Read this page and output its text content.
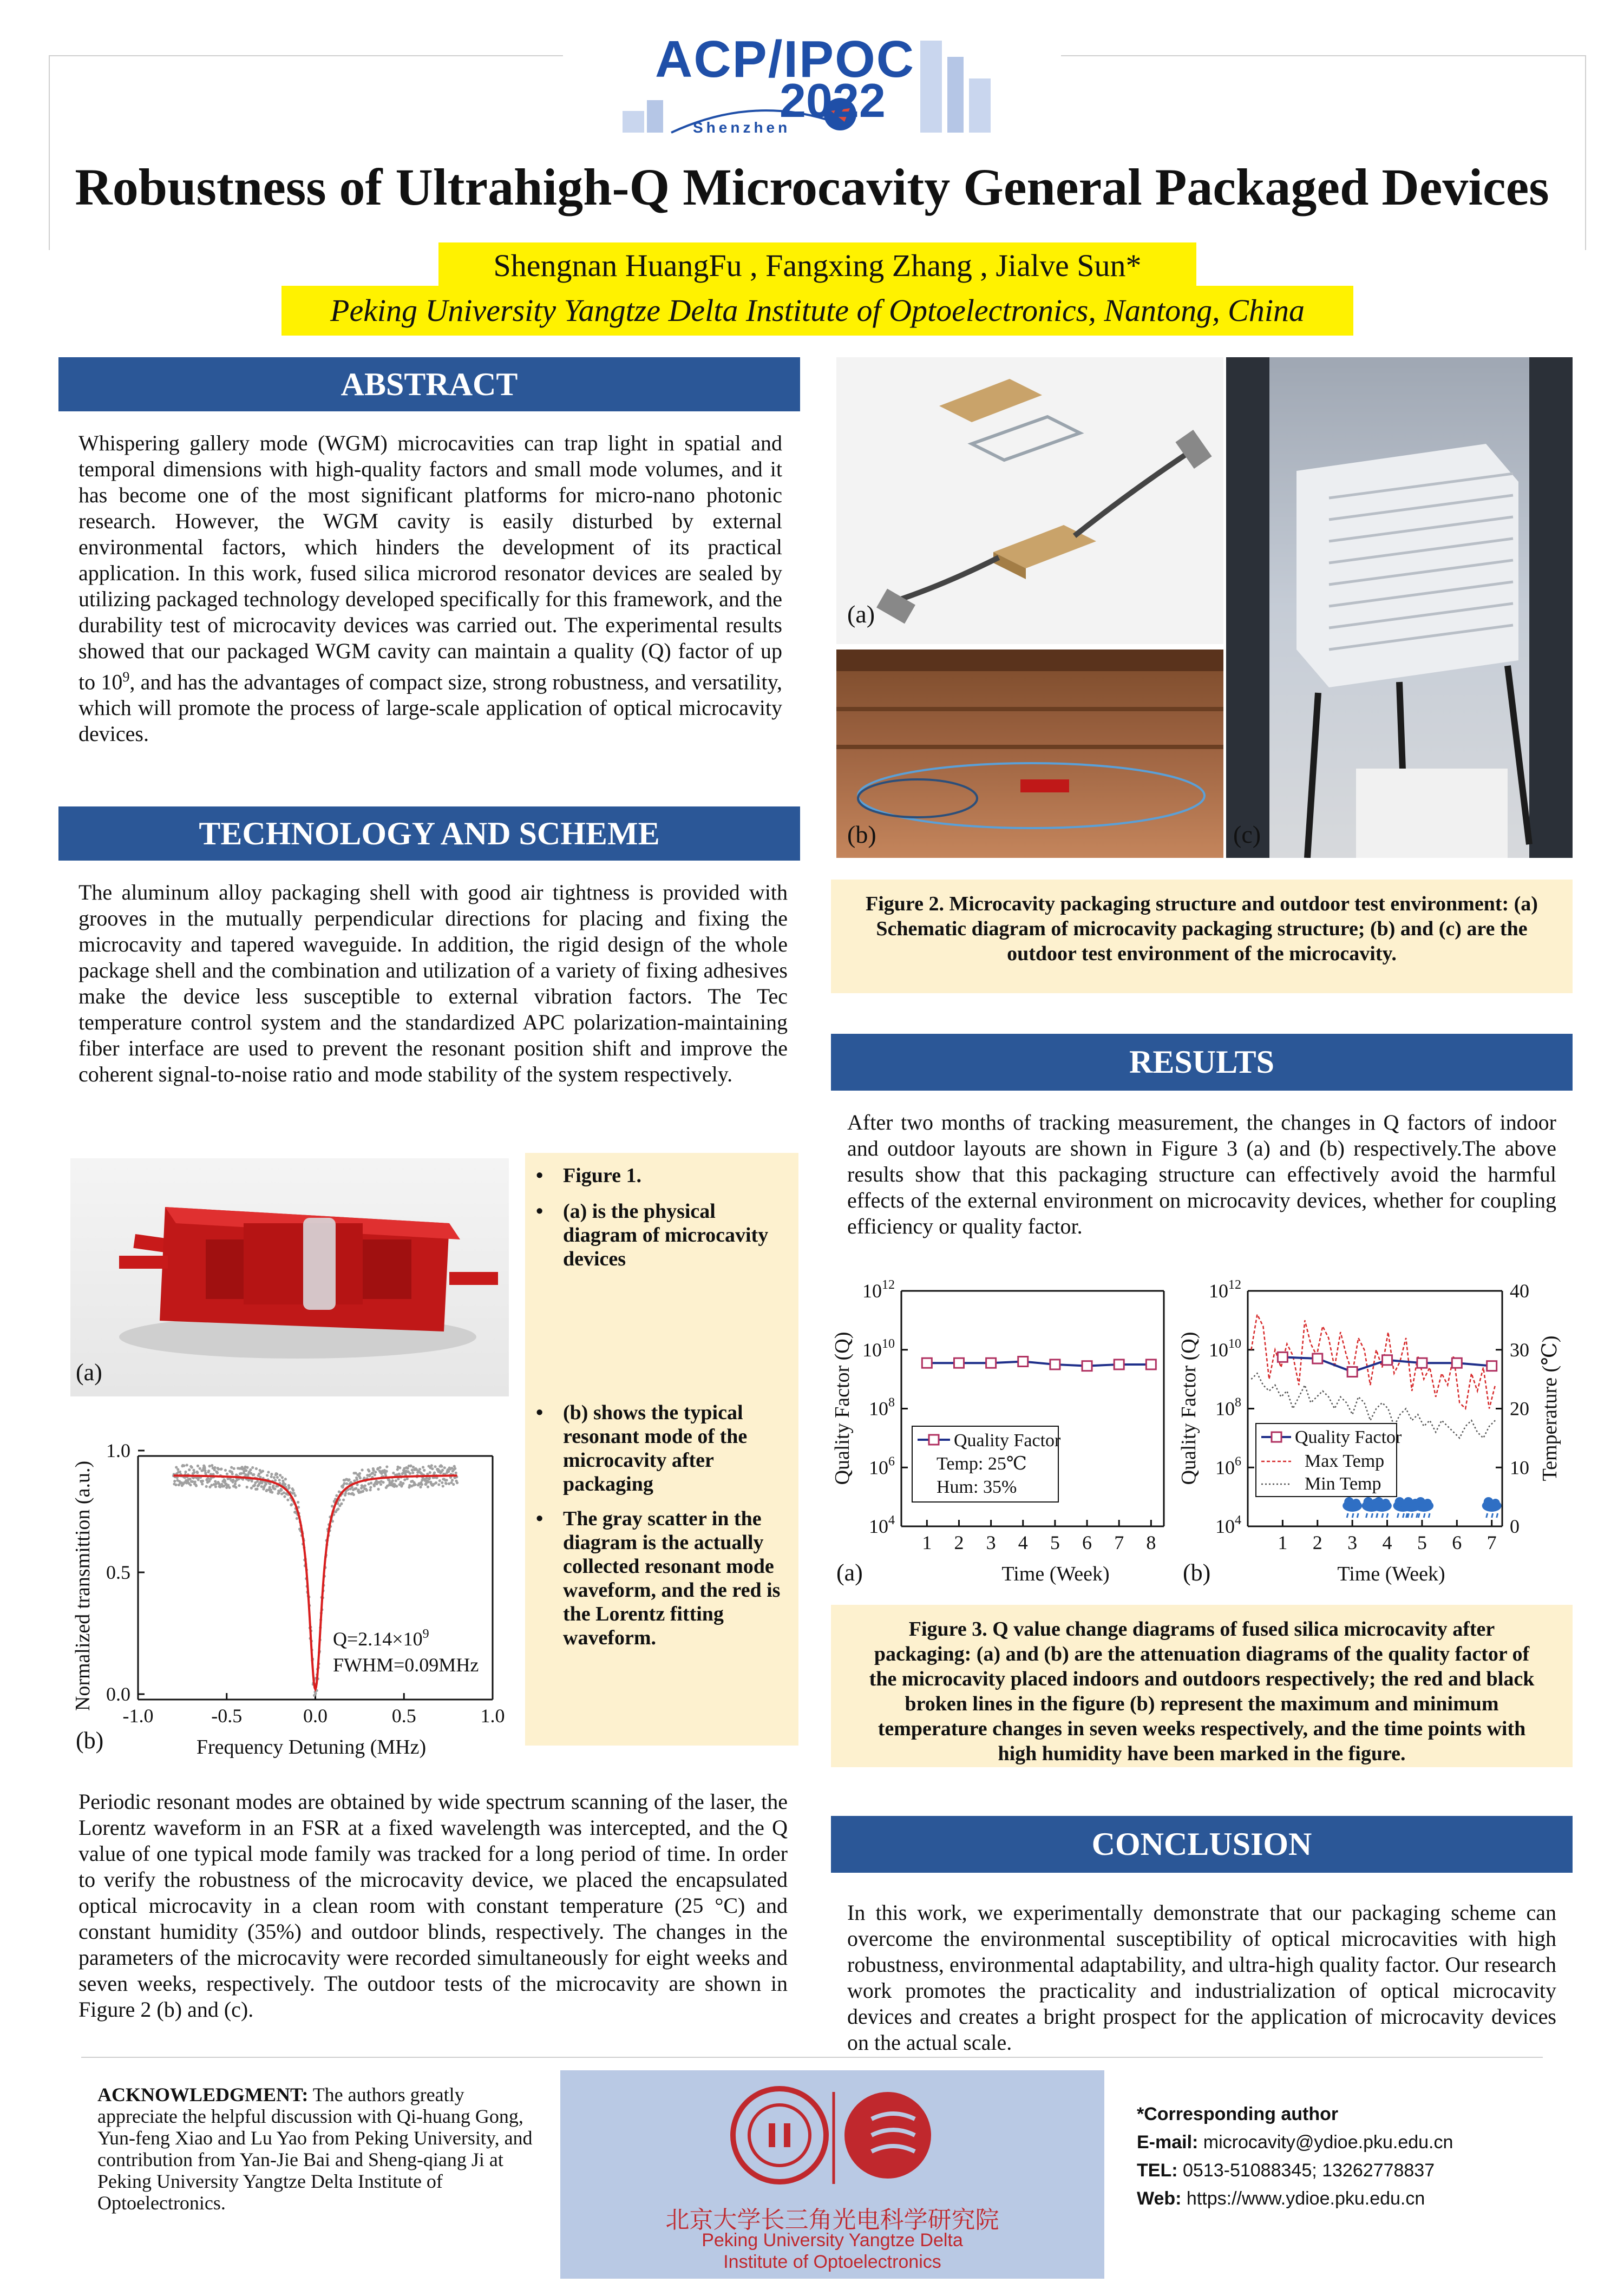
ACP/IPOC
2022
Shenzhen
Robustness of Ultrahigh-Q Microcavity General Packaged Devices
Shengnan HuangFu , Fangxing Zhang , Jialve Sun*
Peking University Yangtze Delta Institute of Optoelectronics, Nantong, China
ABSTRACT
Whispering gallery mode (WGM) microcavities can trap light in spatial and temporal dimensions with high-quality factors and small mode volumes, and it has become one of the most significant platforms for micro-nano photonic research. However, the WGM cavity is easily disturbed by external environmental factors, which hinders the development of its practical application. In this work, fused silica microrod resonator devices are sealed by utilizing packaged technology developed specifically for this framework, and the durability test of microcavity devices was carried out. The experimental results showed that our packaged WGM cavity can maintain a quality (Q) factor of up to $10^9$, and has the advantages of compact size, strong robustness, and versatility, which will promote the process of large-scale application of optical microcavity devices.
TECHNOLOGY AND SCHEME
The aluminum alloy packaging shell with good air tightness is provided with grooves in the mutually perpendicular directions for placing and fixing the microcavity and tapered waveguide. In addition, the rigid design of the whole package shell and the combination and utilization of a variety of fixing adhesives make the device less susceptible to external vibration factors. The Tec temperature control system and the standardized APC polarization-maintaining fiber interface are used to prevent the resonant position shift and improve the coherent signal-to-noise ratio and mode stability of the system respectively.
(a)
-1.0	-0.5	0.0	0.5	1.0
0.0
0.5
1.0
$Q=2.14\times 10^9$
FWHM=0.09MHz
Frequency Detuning (MHz)
Normalized transmittion (a.u.)
(b)
• Figure 1.
• (a) is the physical diagram of microcavity devices
• (b) shows the typical resonant mode of the microcavity after packaging
• The gray scatter in the diagram is the actually collected resonant mode waveform, and the red is the Lorentz fitting waveform.
Periodic resonant modes are obtained by wide spectrum scanning of the laser, the Lorentz waveform in an FSR at a fixed wavelength was intercepted, and the Q value of one typical mode family was tracked for a long period of time. In order to verify the robustness of the microcavity device, we placed the encapsulated optical microcavity in a clean room with constant temperature (25 °C) and constant humidity (35%) and outdoor blinds, respectively. The changes in the parameters of the microcavity were recorded simultaneously for eight weeks and seven weeks, respectively. The outdoor tests of the microcavity are shown in Figure 2 (b) and (c).
(a)
(b)	(c)
Figure 2. Microcavity packaging structure and outdoor test environment: (a) Schematic diagram of microcavity packaging structure; (b) and (c) are the outdoor test environment of the microcavity.
RESULTS
After two months of tracking measurement, the changes in Q factors of indoor and outdoor layouts are shown in Figure 3 (a) and (b) respectively.The above results show that this packaging structure can effectively avoid the harmful effects of the external environment on microcavity devices, whether for coupling efficiency or quality factor.
$10^4$
$10^6$
$10^8$
$10^{10}$
$10^{12}$
1 2 3 4 5 6 7 8
Quality Factor
Temp: 25℃
Hum: 35%
Time (Week)
Quality Factor (Q)
(a)
$10^4$
$10^6$
$10^8$
$10^{10}$
$10^{12}$
0
10
20
30
40
1 2 3 4 5 6 7
Quality Factor
Max Temp
Min Temp
Time (Week)
Quality Factor (Q)	Temperature (℃)
(b)
Figure 3. Q value change diagrams of fused silica microcavity after packaging: (a) and (b) are the attenuation diagrams of the quality factor of the microcavity placed indoors and outdoors respectively; the red and black broken lines in the figure (b) represent the maximum and minimum temperature changes in seven weeks respectively, and the time points with high humidity have been marked in the figure.
CONCLUSION
In this work, we experimentally demonstrate that our packaging scheme can overcome the environmental susceptibility of optical microcavities with high robustness, environmental adaptability, and ultra-high quality factor. Our research work promotes the practicality and industrialization of optical microcavity devices and creates a bright prospect for the application of microcavity devices on the actual scale.
ACKNOWLEDGMENT: The authors greatly appreciate the helpful discussion with Qi-huang Gong, Yun-feng Xiao and Lu Yao from Peking University, and contribution from Yan-Jie Bai and Sheng-qiang Ji at Peking University Yangtze Delta Institute of Optoelectronics.
北京大学长三角光电科学研究院
Peking University Yangtze Delta
Institute of Optoelectronics
*Corresponding author
E-mail: microcavity@ydioe.pku.edu.cn
TEL: 0513-51088345; 13262778837
Web: https://www.ydioe.pku.edu.cn
